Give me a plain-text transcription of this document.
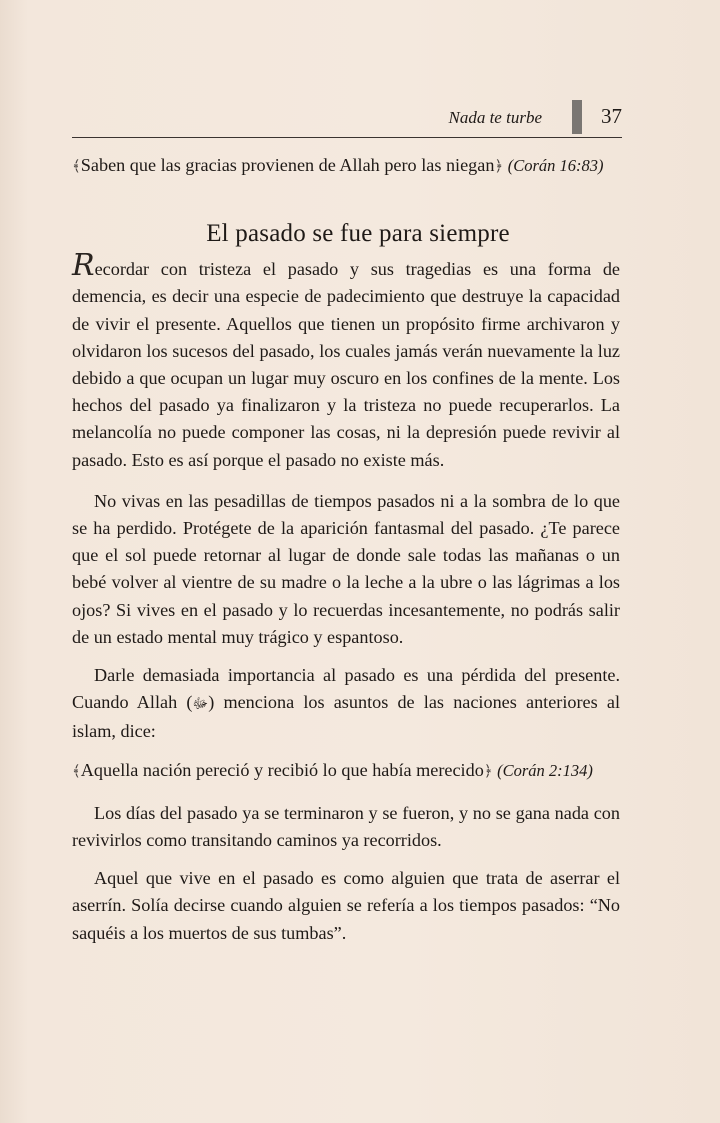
Nada te turbe	37

﴾Saben que las gracias provienen de Allah pero las niegan﴿ (Corán 16:83)

El pasado se fue para siempre

Recordar con tristeza el pasado y sus tragedias es una forma de demencia, es decir una especie de padecimiento que destruye la capacidad de vivir el presente. Aquellos que tienen un propósito firme archivaron y olvidaron los sucesos del pasado, los cuales jamás verán nuevamente la luz debido a que ocupan un lugar muy oscuro en los confines de la mente. Los hechos del pasado ya finalizaron y la tristeza no puede recuperarlos. La melancolía no puede componer las cosas, ni la depresión puede revivir al pasado. Esto es así porque el pasado no existe más.

No vivas en las pesadillas de tiempos pasados ni a la sombra de lo que se ha perdido. Protégete de la aparición fantasmal del pasado. ¿Te parece que el sol puede retornar al lugar de donde sale todas las mañanas o un bebé volver al vientre de su madre o la leche a la ubre o las lágrimas a los ojos? Si vives en el pasado y lo recuerdas incesantemente, no podrás salir de un estado mental muy trágico y espantoso.

Darle demasiada importancia al pasado es una pérdida del presente. Cuando Allah (ﷻ) menciona los asuntos de las naciones anteriores al islam, dice:

﴾Aquella nación pereció y recibió lo que había merecido﴿ (Corán 2:134)

Los días del pasado ya se terminaron y se fueron, y no se gana nada con revivirlos como transitando caminos ya recorridos.

Aquel que vive en el pasado es como alguien que trata de aserrar el aserrín. Solía decirse cuando alguien se refería a los tiempos pasados: “No saquéis a los muertos de sus tumbas”.
